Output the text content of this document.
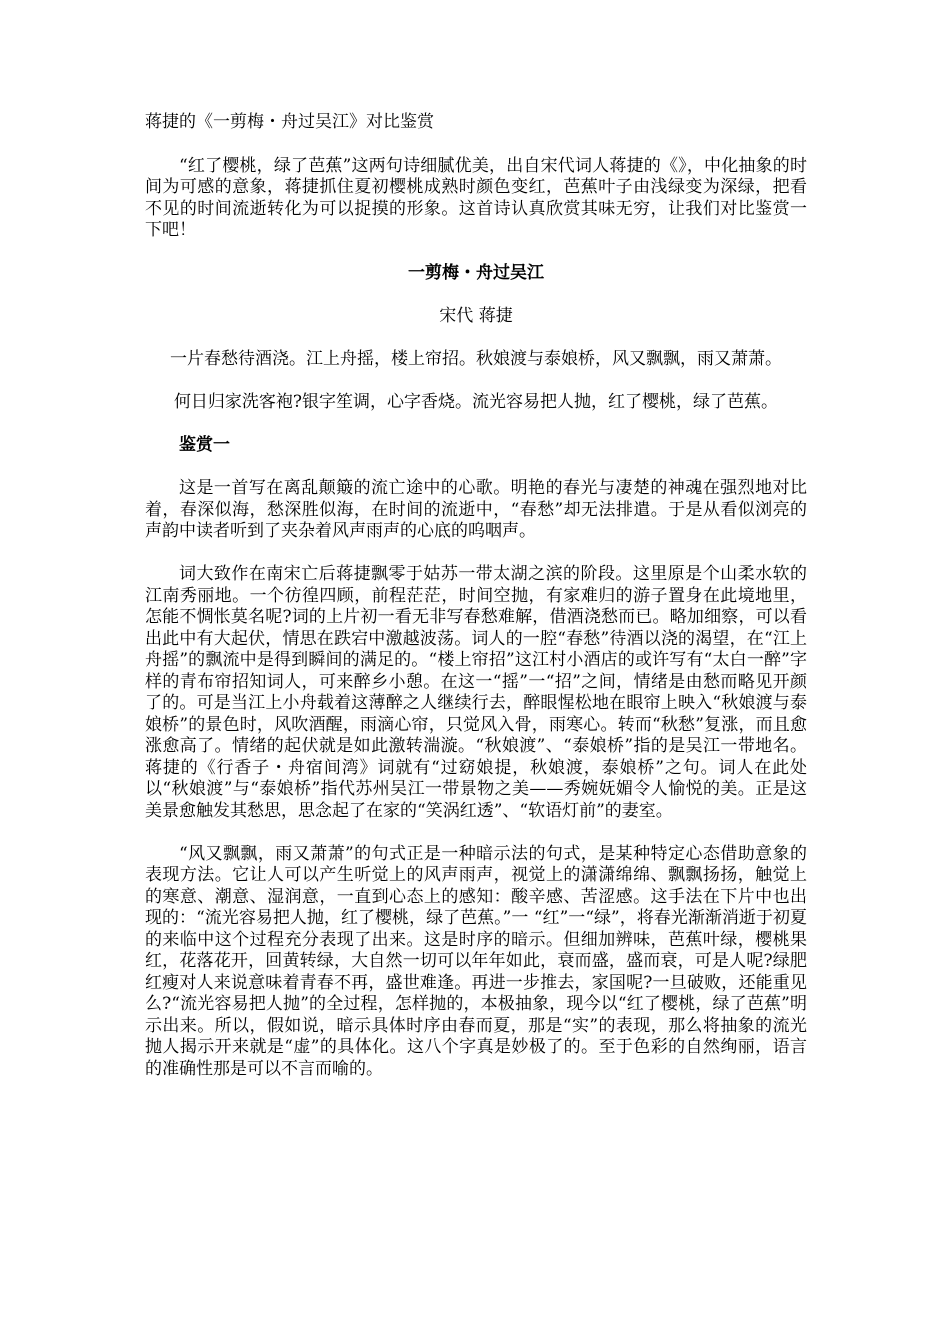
蒋捷的《一剪梅・舟过吴江》对比鉴赏

“红了樱桃，绿了芭蕉”这两句诗细腻优美，出自宋代词人蒋捷的《》，中化抽象的时间为可感的意象，蒋捷抓住夏初樱桃成熟时颜色变红，芭蕉叶子由浅绿变为深绿，把看不见的时间流逝转化为可以捉摸的形象。这首诗认真欣赏其味无穷，让我们对比鉴赏一下吧！

一剪梅・舟过吴江
宋代 蒋捷
一片春愁待酒浇。江上舟摇，楼上帘招。秋娘渡与泰娘桥，风又飘飘，雨又萧萧。
何日归家洗客袍?银字笙调，心字香烧。流光容易把人抛，红了樱桃，绿了芭蕉。
鉴赏一

这是一首写在离乱颠簸的流亡途中的心歌。明艳的春光与凄楚的神魂在强烈地对比着，春深似海，愁深胜似海，在时间的流逝中，“春愁”却无法排遣。于是从看似浏亮的声韵中读者听到了夹杂着风声雨声的心底的呜咽声。

词大致作在南宋亡后蒋捷飘零于姑苏一带太湖之滨的阶段。这里原是个山柔水软的江南秀丽地。一个彷徨四顾，前程茫茫，时间空抛，有家难归的游子置身在此境地里，怎能不惆怅莫名呢?词的上片初一看无非写春愁难解，借酒浇愁而已。略加细察，可以看出此中有大起伏，情思在跌宕中激越波荡。词人的一腔“春愁”待酒以浇的渴望，在“江上舟摇”的飘流中是得到瞬间的满足的。“楼上帘招”这江村小酒店的或许写有“太白一醉”字样的青布帘招知词人，可来醉乡小憩。在这一“摇”一“招”之间，情绪是由愁而略见开颜了的。可是当江上小舟载着这薄醉之人继续行去，醉眼惺松地在眼帘上映入“秋娘渡与泰娘桥”的景色时，风吹酒醒，雨滴心帘，只觉风入骨，雨寒心。转而“秋愁”复涨，而且愈涨愈高了。情绪的起伏就是如此激转湍漩。“秋娘渡”、“泰娘桥”指的是吴江一带地名。蒋捷的《行香子・舟宿间湾》词就有“过窈娘提，秋娘渡，泰娘桥”之句。词人在此处以“秋娘渡”与“泰娘桥”指代苏州吴江一带景物之美——秀婉妩媚令人愉悦的美。正是这美景愈触发其愁思，思念起了在家的“笑涡红透”、“软语灯前”的妻室。

“风又飘飘，雨又萧萧”的句式正是一种暗示法的句式，是某种特定心态借助意象的表现方法。它让人可以产生听觉上的风声雨声，视觉上的潇潇绵绵、飘飘扬扬，触觉上的寒意、潮意、湿润意，一直到心态上的感知：酸辛感、苦涩感。这手法在下片中也出现的：“流光容易把人抛，红了樱桃，绿了芭蕉。”一 “红”一“绿”，将春光渐渐消逝于初夏的来临中这个过程充分表现了出来。这是时序的暗示。但细加辨味，芭蕉叶绿，樱桃果红，花落花开，回黄转绿，大自然一切可以年年如此，衰而盛，盛而衰，可是人呢?绿肥红瘦对人来说意味着青春不再，盛世难逢。再进一步推去，家国呢?一旦破败，还能重见么?“流光容易把人抛”的全过程，怎样抛的，本极抽象，现今以“红了樱桃，绿了芭蕉”明示出来。所以，假如说，暗示具体时序由春而夏，那是“实”的表现，那么将抽象的流光抛人揭示开来就是“虚”的具体化。这八个字真是妙极了的。至于色彩的自然绚丽，语言的准确性那是可以不言而喻的。
